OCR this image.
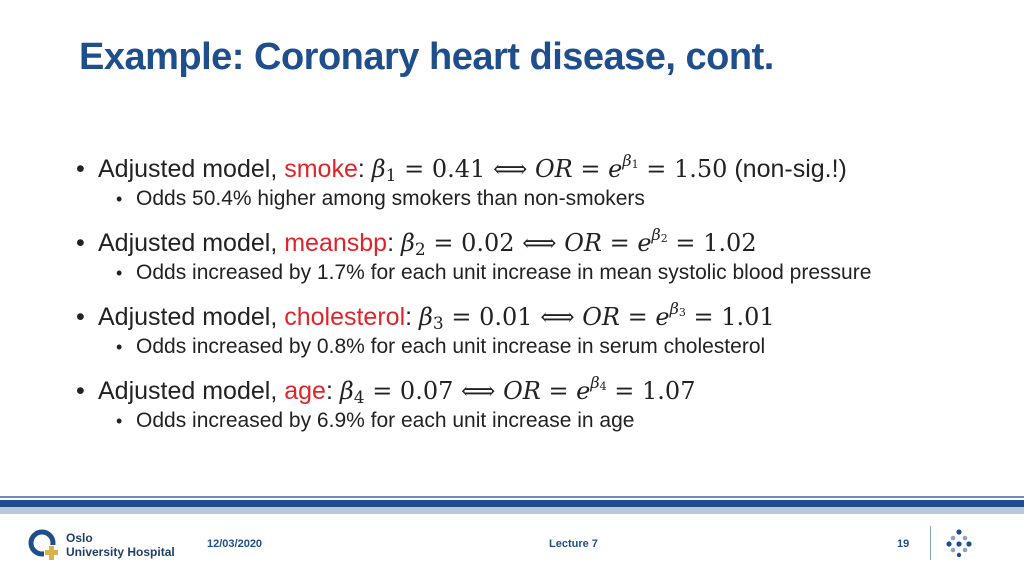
Example: Coronary heart disease, cont.
• Adjusted model, smoke: $\beta_1 = 0.41$ ⟺ OR = $e^{\beta_1} = 1.50$ (non-sig.!)
• Odds 50.4% higher among smokers than non-smokers
• Adjusted model, meansbp: $\beta_2 = 0.02$ ⟺ OR = $e^{\beta_2} = 1.02$
• Odds increased by 1.7% for each unit increase in mean systolic blood pressure
• Adjusted model, cholesterol: $\beta_3 = 0.01$ ⟺ OR = $e^{\beta_3} = 1.01$
• Odds increased by 0.8% for each unit increase in serum cholesterol
• Adjusted model, age: $\beta_4 = 0.07$ ⟺ OR = $e^{\beta_4} = 1.07$
• Odds increased by 6.9% for each unit increase in age
Oslo
University Hospital
12/03/2020	Lecture 7	19
